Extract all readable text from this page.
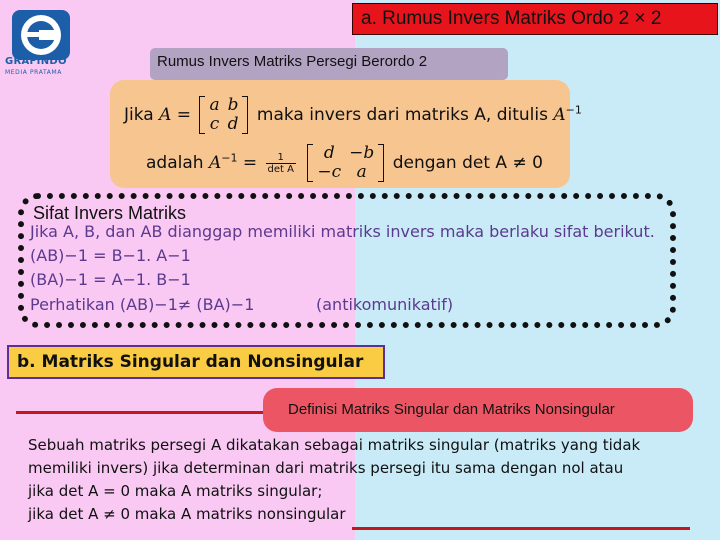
GRAFINDO
MEDIA PRATAMA
a. Rumus Invers Matriks Ordo 2 × 2
Rumus Invers Matriks Persegi Berordo 2
Jika A = a	b
c	d maka invers dari matriks A, ditulis $A^{-1}$
adalah $A^{-1} = \frac{1}{\text{det A}}$
d	−b
−c	a dengan det A ≠ 0
Sifat Invers Matriks
Jika A, B, dan AB dianggap memiliki matriks invers maka berlaku sifat berikut.
(AB)−1 = B−1. A−1
(BA)−1 = A−1. B−1
Perhatikan (AB)−1≠ (BA)−1	(antikomunikatif)
b. Matriks Singular dan Nonsingular
Definisi Matriks Singular dan Matriks Nonsingular
Sebuah matriks persegi A dikatakan sebagai matriks singular (matriks yang tidak
memiliki invers) jika determinan dari matriks persegi itu sama dengan nol atau
jika det A = 0 maka A matriks singular;
jika det A ≠ 0 maka A matriks nonsingular
